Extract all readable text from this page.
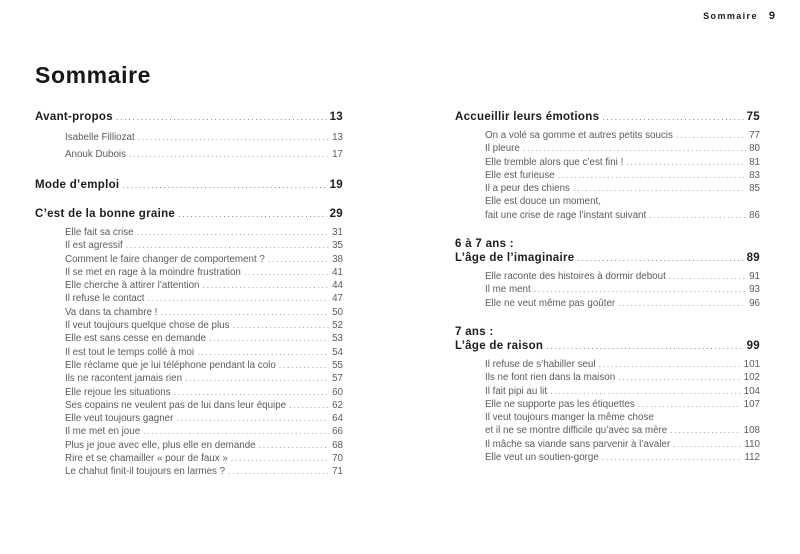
Sommaire 9
Sommaire
Avant-propos .....	13
Isabelle Filliozat .....	13
Anouk Dubois .....	17
Mode d’emploi .....	19
C’est de la bonne graine .....	29
Elle fait sa crise .....	31
Il est agressif .....	35
Comment le faire changer de comportement ? .....	38
Il se met en rage à la moindre frustration .....	41
Elle cherche à attirer l’attention .....	44
Il refuse le contact .....	47
Va dans ta chambre ! .....	50
Il veut toujours quelque chose de plus .....	52
Elle est sans cesse en demande .....	53
Il est tout le temps collé à moi .....	54
Elle réclame que je lui téléphone pendant la colo .....	55
Ils ne racontent jamais rien .....	57
Elle rejoue les situations .....	60
Ses copains ne veulent pas de lui dans leur équipe .....	62
Elle veut toujours gagner .....	64
Il me met en joue .....	66
Plus je joue avec elle, plus elle en demande .....	68
Rire et se chamailler « pour de faux » .....	70
Le chahut finit-il toujours en larmes ? .....	71
Accueillir leurs émotions .....	75
On a volé sa gomme et autres petits soucis .....	77
Il pleure .....	80
Elle tremble alors que c’est fini ! .....	81
Elle est furieuse .....	83
Il a peur des chiens .....	85
Elle est douce un moment,
fait une crise de rage l’instant suivant .....	86
6 à 7 ans :
L’âge de l’imaginaire .....	89
Elle raconte des histoires à dormir debout .....	91
Il me ment .....	93
Elle ne veut même pas goûter .....	96
7 ans :
L’âge de raison .....	99
Il refuse de s’habiller seul .....	101
Ils ne font rien dans la maison .....	102
Il fait pipi au lit .....	104
Elle ne supporte pas les étiquettes .....	107
Il veut toujours manger la même chose
et il ne se montre difficile qu’avec sa mère .....	108
Il mâche sa viande sans parvenir à l’avaler .....	110
Elle veut un soutien-gorge .....	112
